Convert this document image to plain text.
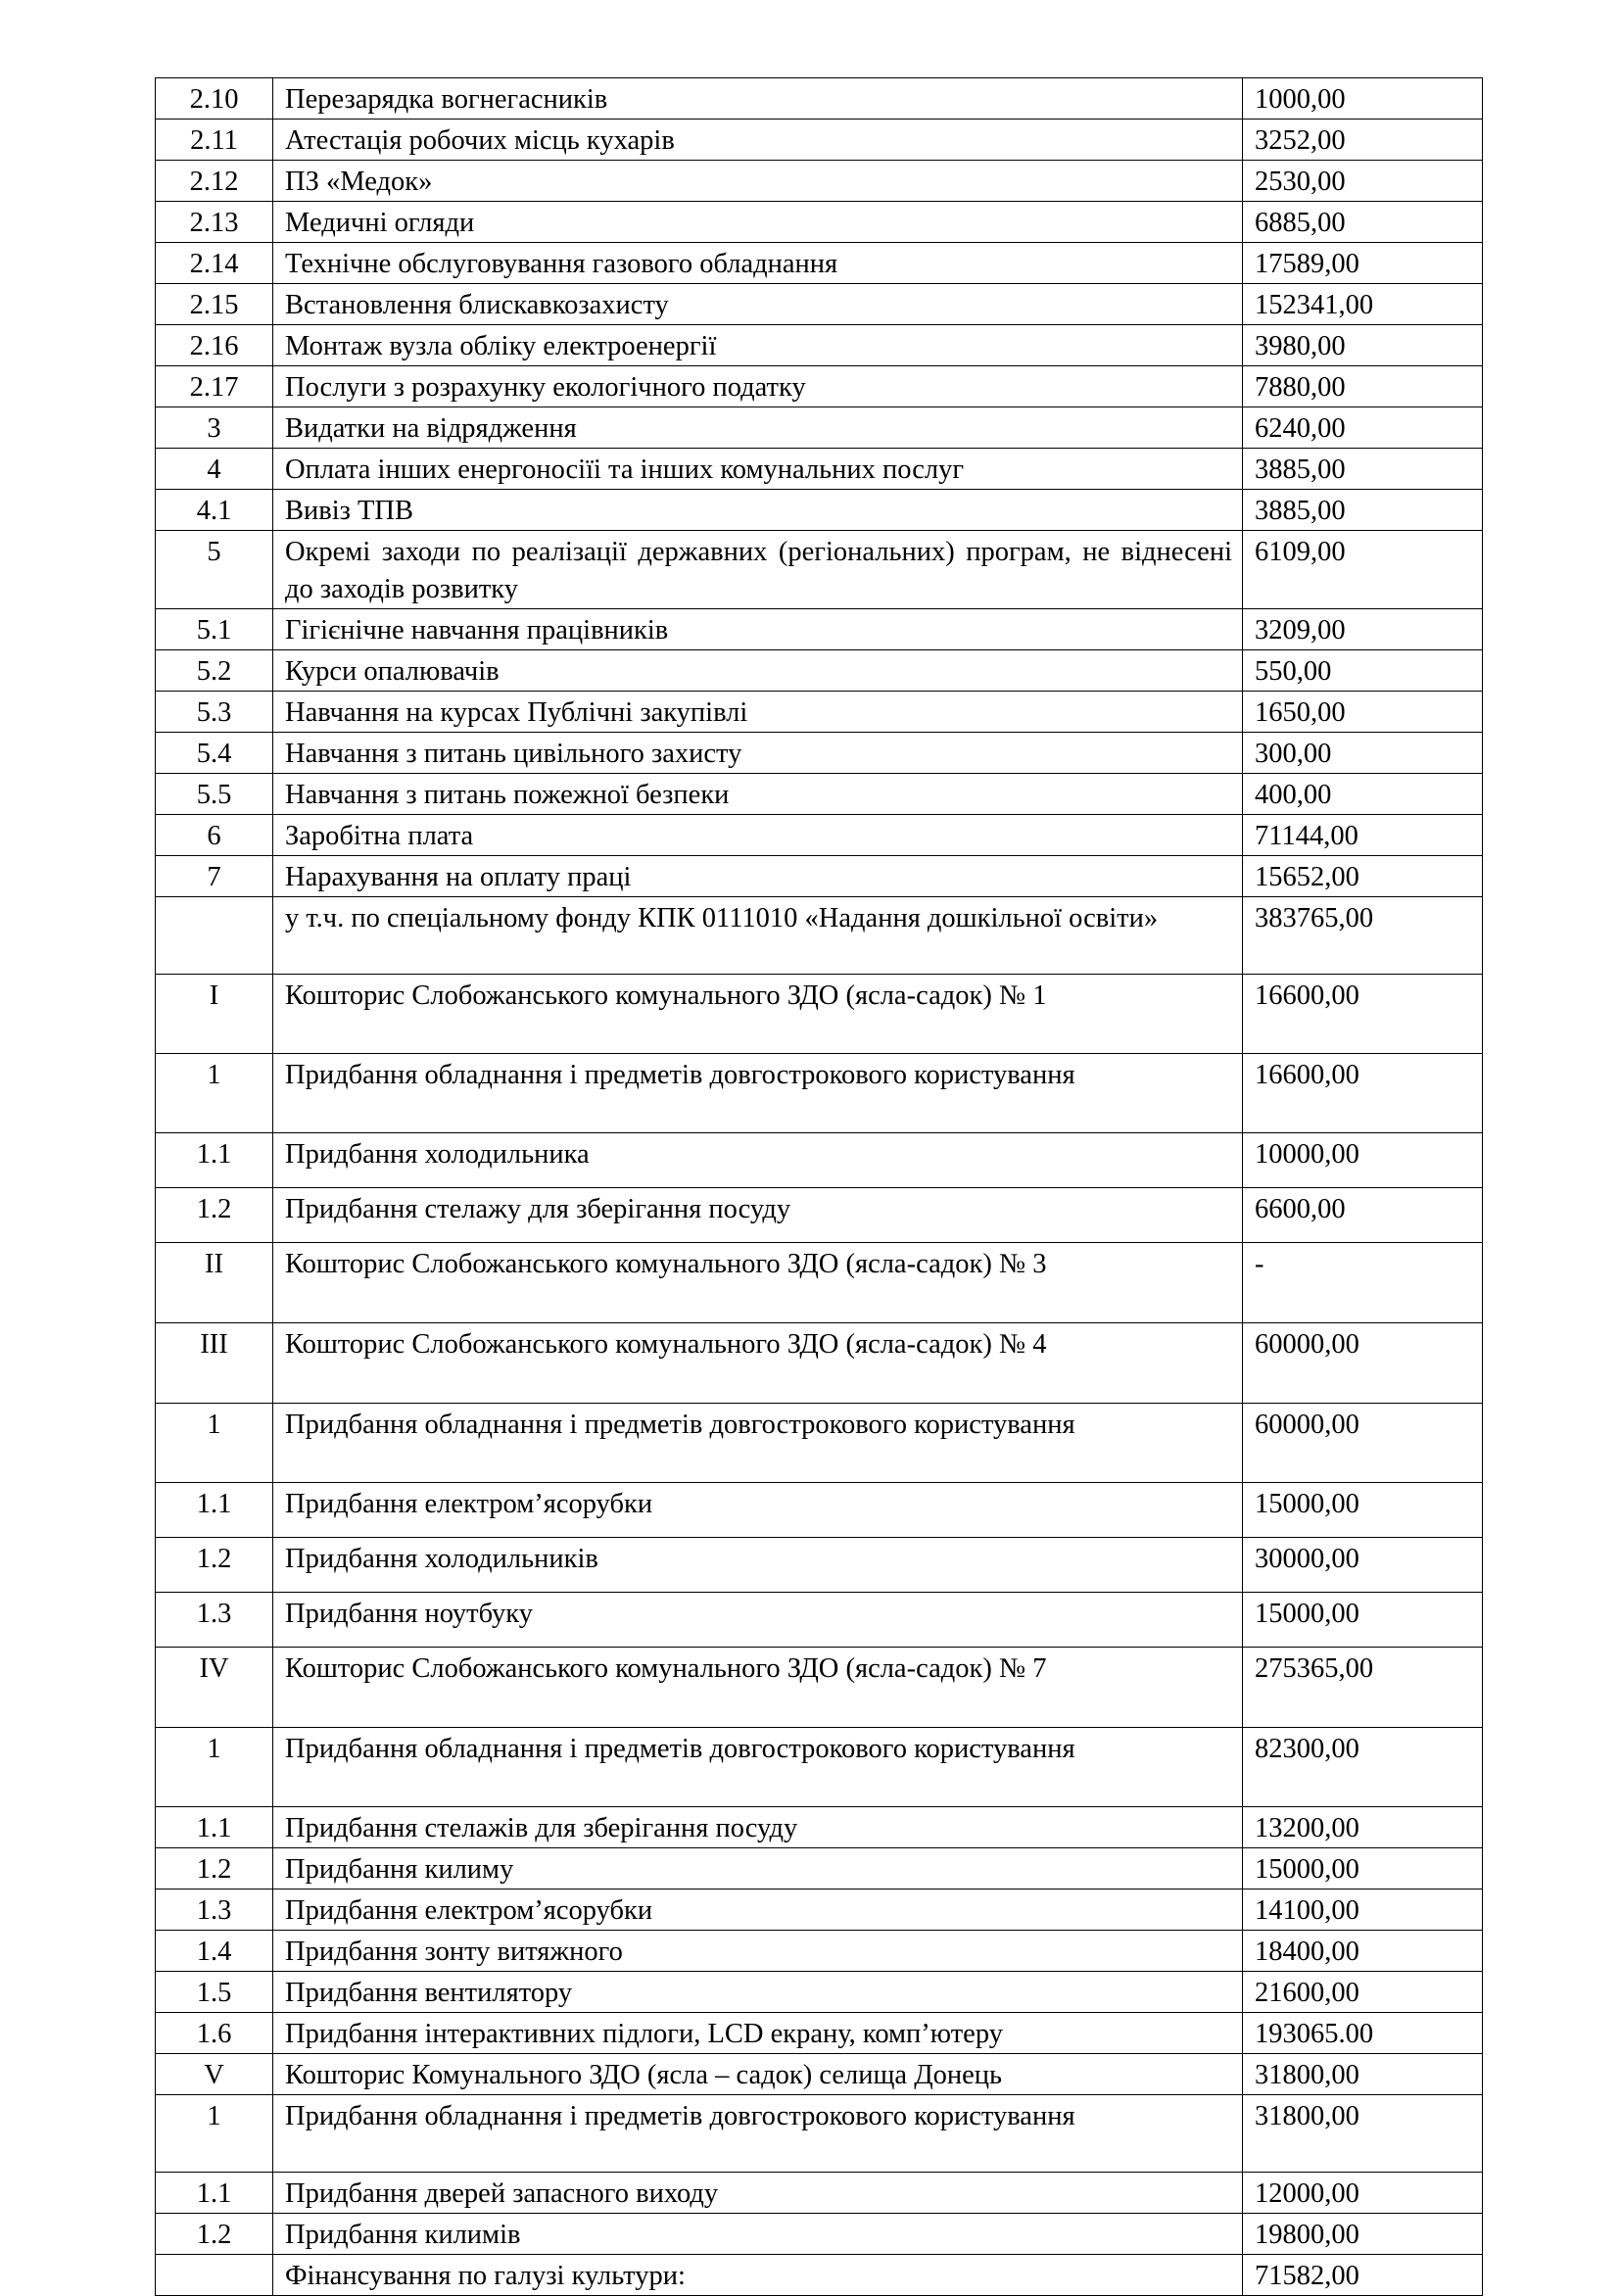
2.10	Перезарядка вогнегасників	1000,00
2.11	Атестація робочих місць кухарів	3252,00
2.12	ПЗ «Медок»	2530,00
2.13	Медичні огляди	6885,00
2.14	Технічне обслуговування газового обладнання	17589,00
2.15	Встановлення блискавкозахисту	152341,00
2.16	Монтаж вузла обліку електроенергії	3980,00
2.17	Послуги з розрахунку екологічного податку	7880,00
3	Видатки на відрядження	6240,00
4	Оплата інших енергоносіїі та інших комунальних послуг	3885,00
4.1	Вивіз ТПВ	3885,00
5	Окремі заходи по реалізації державних (регіональних) програм, не віднесені до заходів розвитку	6109,00
5.1	Гігієнічне навчання працівників	3209,00
5.2	Курси опалювачів	550,00
5.3	Навчання на курсах Публічні закупівлі	1650,00
5.4	Навчання з питань цивільного захисту	300,00
5.5	Навчання з питань пожежної безпеки	400,00
6	Заробітна плата	71144,00
7	Нарахування на оплату праці	15652,00
	у т.ч. по спеціальному фонду КПК 0111010 «Надання дошкільної освіти»	383765,00
I	Кошторис Слобожанського комунального ЗДО (ясла-садок) № 1	16600,00
1	Придбання обладнання і предметів довгострокового користування	16600,00
1.1	Придбання холодильника	10000,00
1.2	Придбання стелажу для зберігання посуду	6600,00
II	Кошторис Слобожанського комунального ЗДО (ясла-садок) № 3	-
III	Кошторис Слобожанського комунального ЗДО (ясла-садок) № 4	60000,00
1	Придбання обладнання і предметів довгострокового користування	60000,00
1.1	Придбання електром’ясорубки	15000,00
1.2	Придбання холодильників	30000,00
1.3	Придбання ноутбуку	15000,00
IV	Кошторис Слобожанського комунального ЗДО (ясла-садок) № 7	275365,00
1	Придбання обладнання і предметів довгострокового користування	82300,00
1.1	Придбання стелажів для зберігання посуду	13200,00
1.2	Придбання килиму	15000,00
1.3	Придбання електром’ясорубки	14100,00
1.4	Придбання зонту витяжного	18400,00
1.5	Придбання вентилятору	21600,00
1.6	Придбання інтерактивних підлоги, LCD екрану, комп’ютеру	193065.00
V	Кошторис Комунального ЗДО (ясла – садок) селища Донець	31800,00
1	Придбання обладнання і предметів довгострокового користування	31800,00
1.1	Придбання дверей запасного виходу	12000,00
1.2	Придбання килимів	19800,00
	Фінансування по галузі культури:	71582,00
